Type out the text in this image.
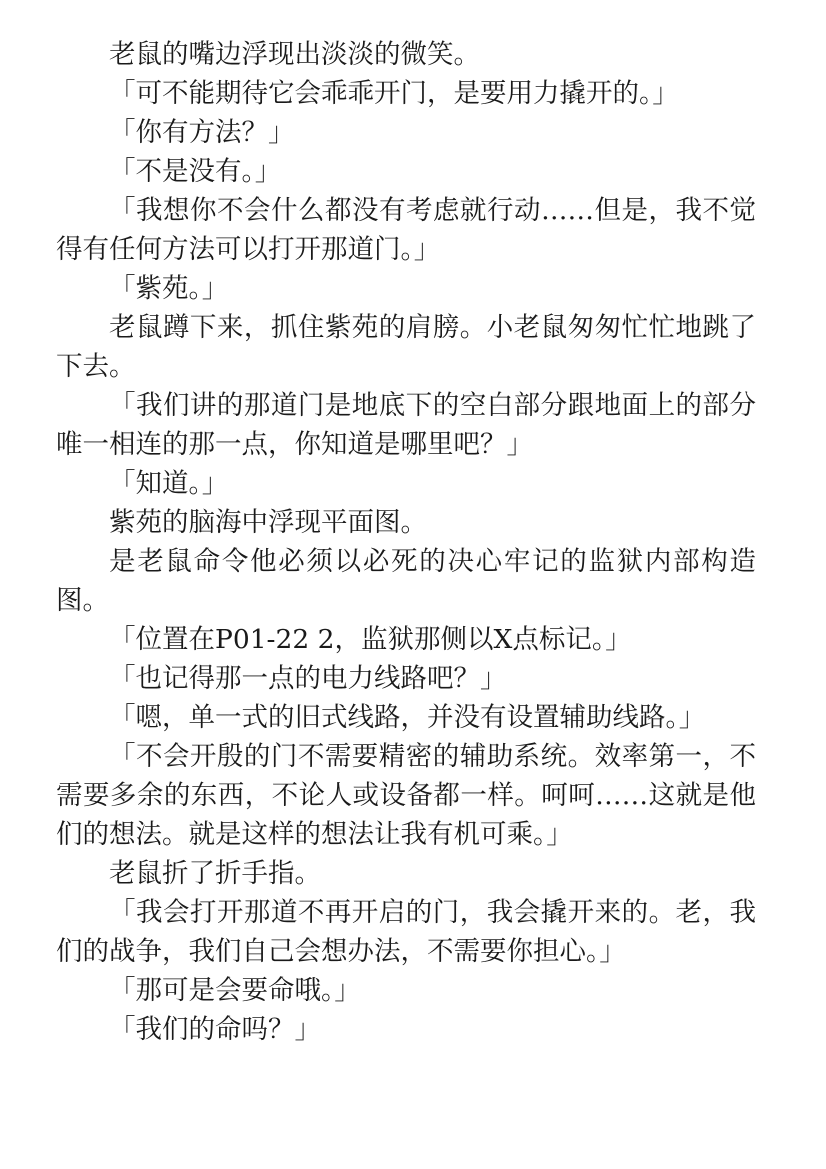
老鼠的嘴边浮现出淡淡的微笑。

「可不能期待它会乖乖开门，是要用力撬开的。」

「你有方法？」

「不是没有。」

「我想你不会什么都没有考虑就行动……但是，我不觉得有任何方法可以打开那道门。」

「紫苑。」

老鼠蹲下来，抓住紫苑的肩膀。小老鼠匆匆忙忙地跳了下去。

「我们讲的那道门是地底下的空白部分跟地面上的部分唯一相连的那一点，你知道是哪里吧？」

「知道。」

紫苑的脑海中浮现平面图。

是老鼠命令他必须以必死的决心牢记的监狱内部构造图。

「位置在P01-22 2，监狱那侧以X点标记。」

「也记得那一点的电力线路吧？」

「嗯，单一式的旧式线路，并没有设置辅助线路。」

「不会开殷的门不需要精密的辅助系统。效率第一，不需要多余的东西，不论人或设备都一样。呵呵……这就是他们的想法。就是这样的想法让我有机可乘。」

老鼠折了折手指。

「我会打开那道不再开启的门，我会撬开来的。老，我们的战争，我们自己会想办法，不需要你担心。」

「那可是会要命哦。」

「我们的命吗？」
